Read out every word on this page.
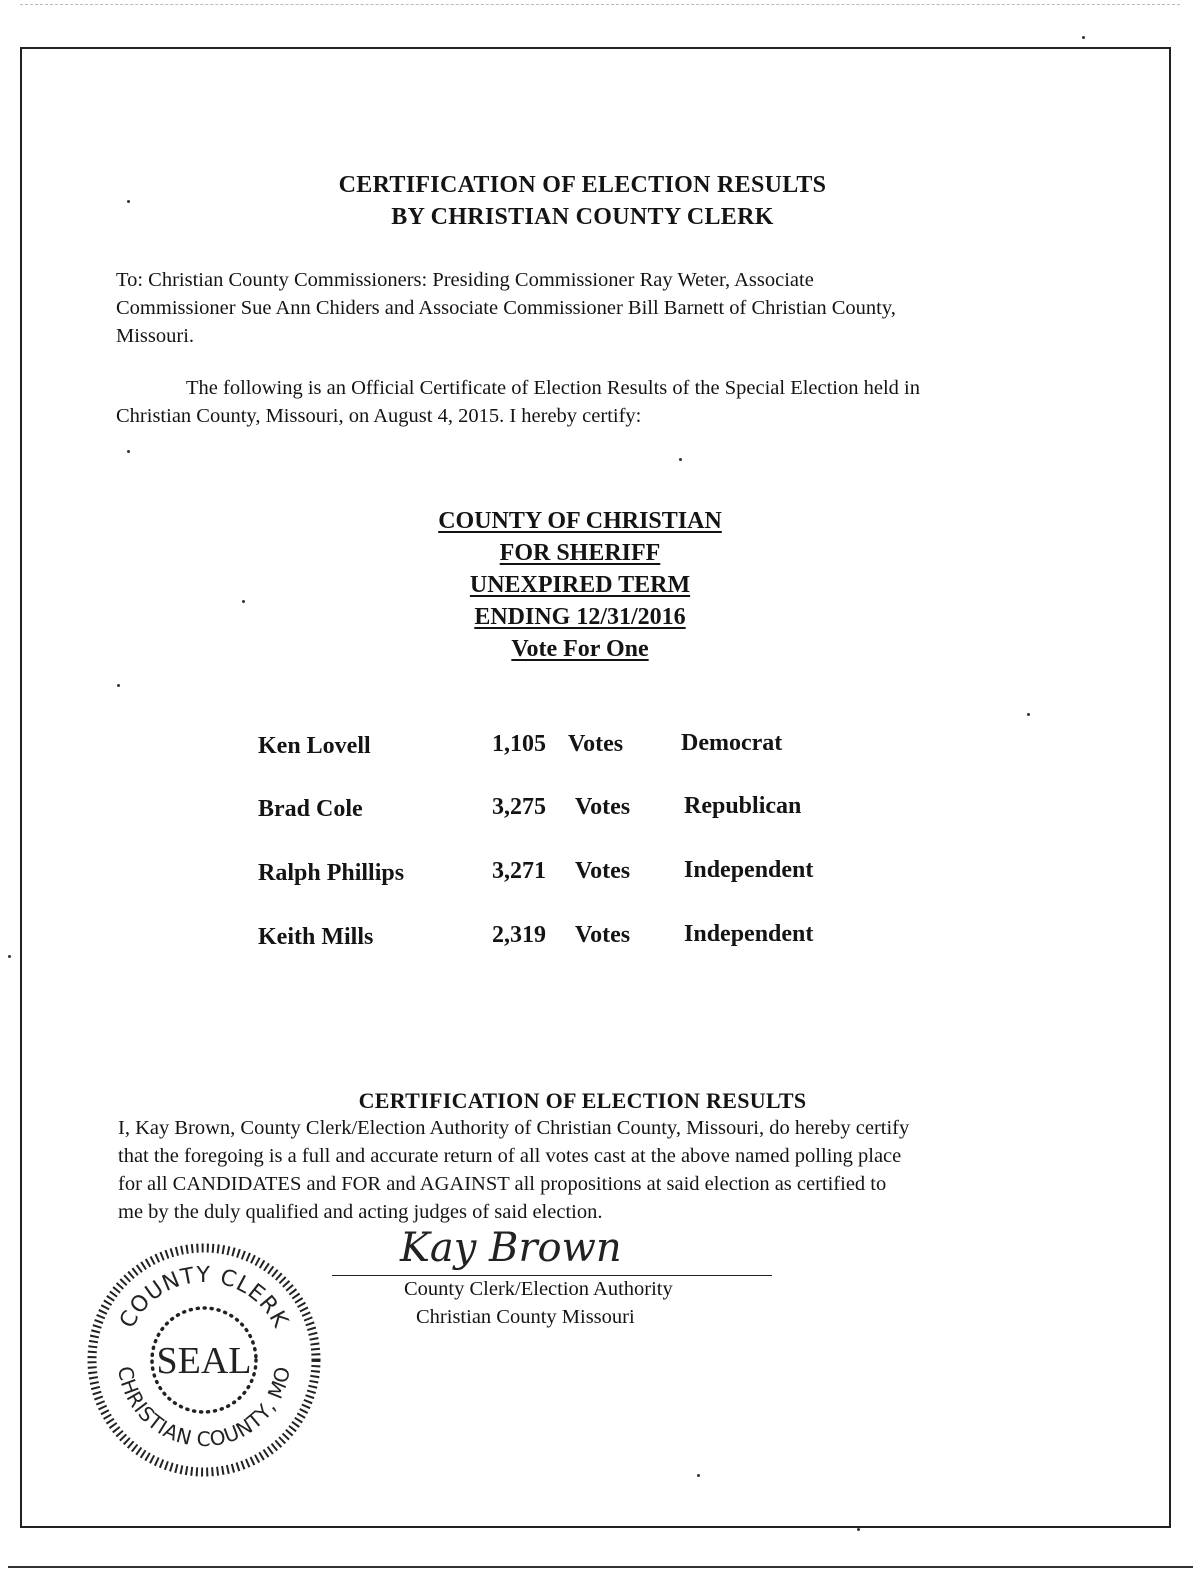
CERTIFICATION OF ELECTION RESULTS
BY CHRISTIAN COUNTY CLERK

To: Christian County Commissioners: Presiding Commissioner Ray Weter, Associate

Commissioner Sue Ann Chiders and Associate Commissioner Bill Barnett of Christian County,

Missouri.

The following is an Official Certificate of Election Results of the Special Election held in

Christian County, Missouri, on August 4, 2015. I hereby certify:

COUNTY OF CHRISTIAN
FOR SHERIFF
UNEXPIRED TERM
ENDING 12/31/2016
Vote For One
Ken Lovell	1,105 Votes Democrat
Brad Cole	3,275 Votes Republican
Ralph Phillips	3,271 Votes Independent
Keith Mills	2,319 Votes Independent
CERTIFICATION OF ELECTION RESULTS

I, Kay Brown, County Clerk/Election Authority of Christian County, Missouri, do hereby certify

that the foregoing is a full and accurate return of all votes cast at the above named polling place

for all CANDIDATES and FOR and AGAINST all propositions at said election as certified to

me by the duly qualified and acting judges of said election.

Kay Brown
County Clerk/Election Authority
Christian County Missouri
COUNTY CLERK
CHRISTIAN COUNTY, MO
SEAL
